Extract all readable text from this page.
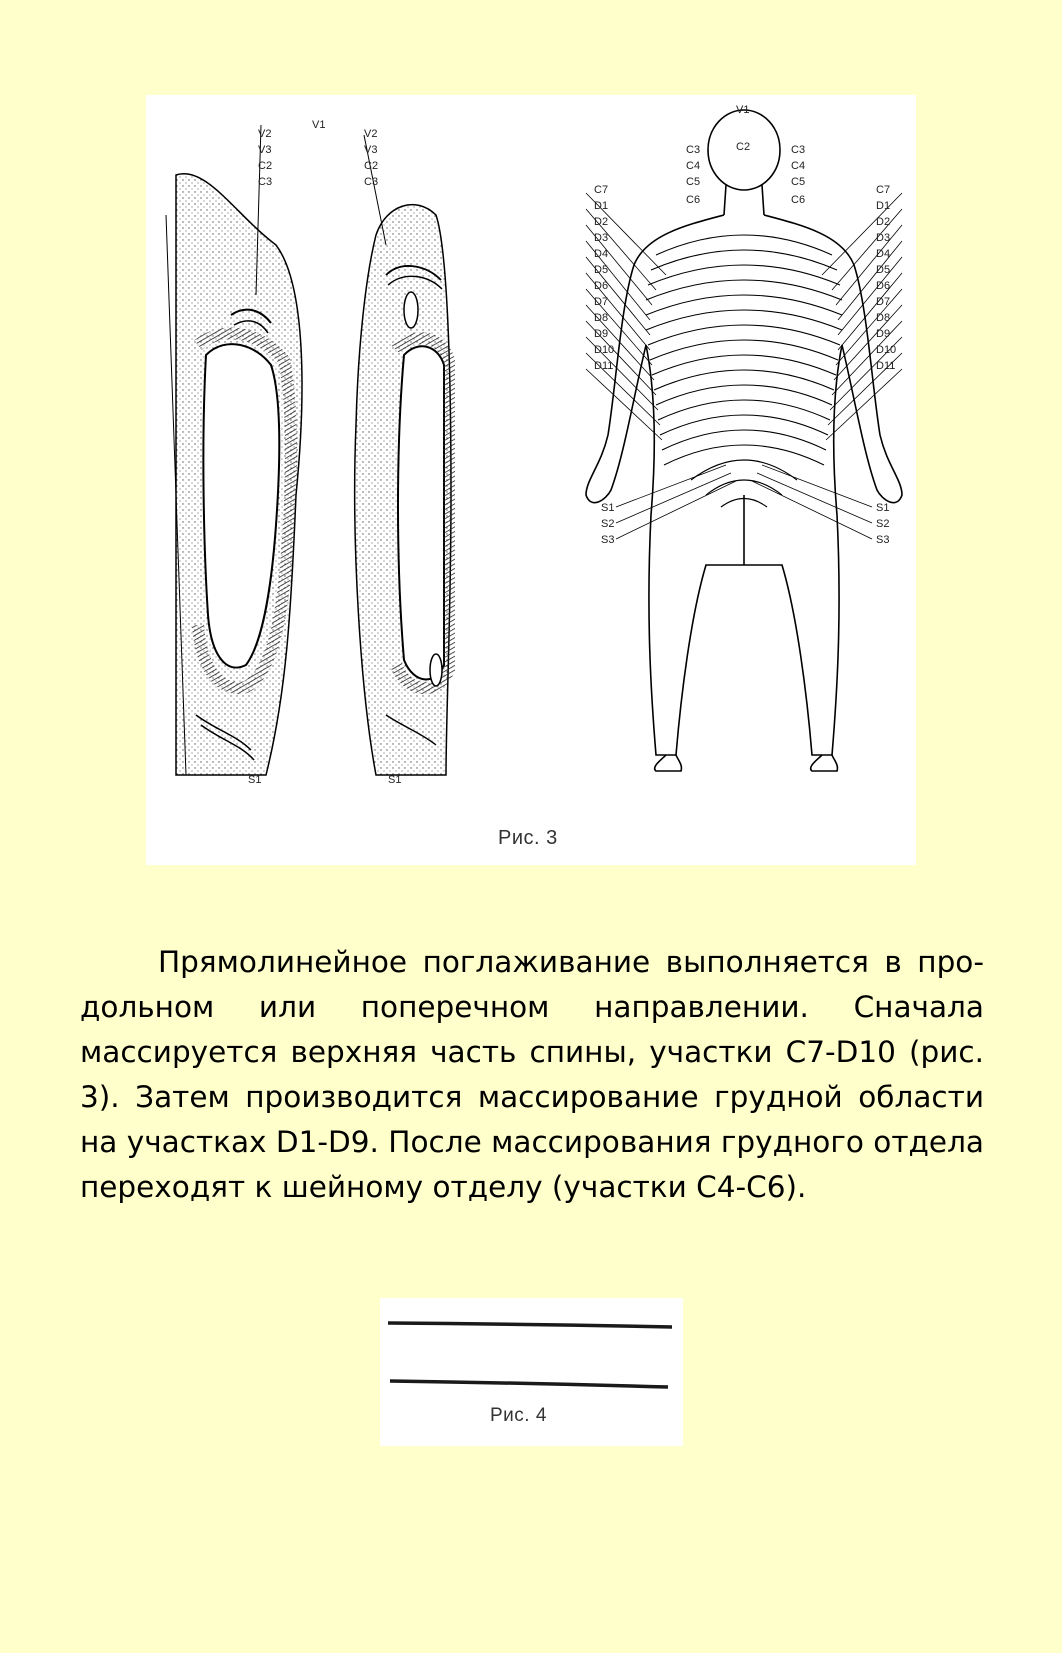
V1
V2
V3
C2
C3
V2
V3
C2
C3
S1	S1
V1
C2
C3
C4
C5
C6
C3
C4
C5
C6
C7
D1
D2
D3
D4
D5
D6
D7
D8
D9
D10
D11
C7
D1
D2
D3
D4
D5
D6
D7
D8
D9
D10
D11
S1
S2
S3
S1
S2
S3
Рис. 3

Прямолинейное поглаживание выполняется в продольном или поперечном направлении. Сначала массируется верхняя часть спины, участки С7-D10 (рис. 3). Затем производится массирование грудной области на участках D1-D9. После массирования грудного отдела переходят к шейному отделу (участки С4-С6).

Рис. 4
